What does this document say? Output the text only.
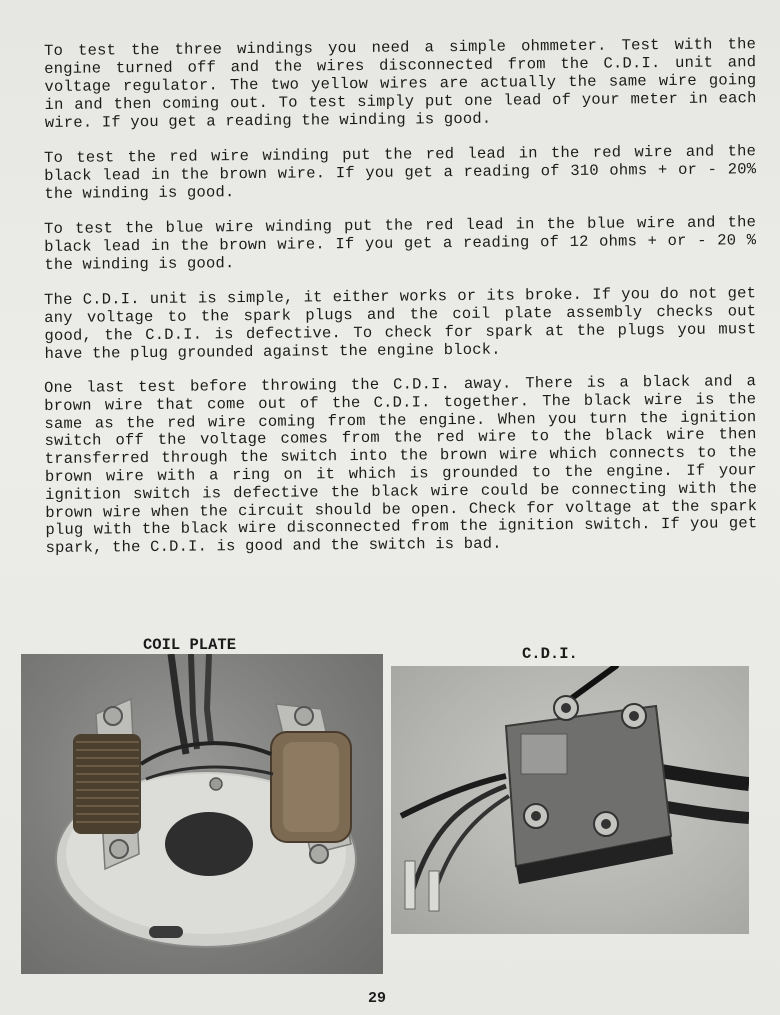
To test the three windings you need a simple ohmmeter. Test with the engine turned off and the wires disconnected from the C.D.I. unit and voltage regulator. The two yellow wires are actually the same wire going in and then coming out. To test simply put one lead of your meter in each wire. If you get a reading the winding is good.

To test the red wire winding put the red lead in the red wire and the black lead in the brown wire. If you get a reading of 310 ohms + or - 20% the winding is good.

To test the blue wire winding put the red lead in the blue wire and the black lead in the brown wire. If you get a reading of 12 ohms + or - 20 % the winding is good.

The C.D.I. unit is simple, it either works or its broke. If you do not get any voltage to the spark plugs and the coil plate assembly checks out good, the C.D.I. is defective. To check for spark at the plugs you must have the plug grounded against the engine block.

One last test before throwing the C.D.I. away. There is a black and a brown wire that come out of the C.D.I. together. The black wire is the same as the red wire coming from the engine. When you turn the ignition switch off the voltage comes from the red wire to the black wire then transferred through the switch into the brown wire which connects to the brown wire with a ring on it which is grounded to the engine. If your ignition switch is defective the black wire could be connecting with the brown wire when the circuit should be open. Check for voltage at the spark plug with the black wire disconnected from the ignition switch. If you get spark, the C.D.I. is good and the switch is bad.

COIL PLATE	C.D.I.
29
